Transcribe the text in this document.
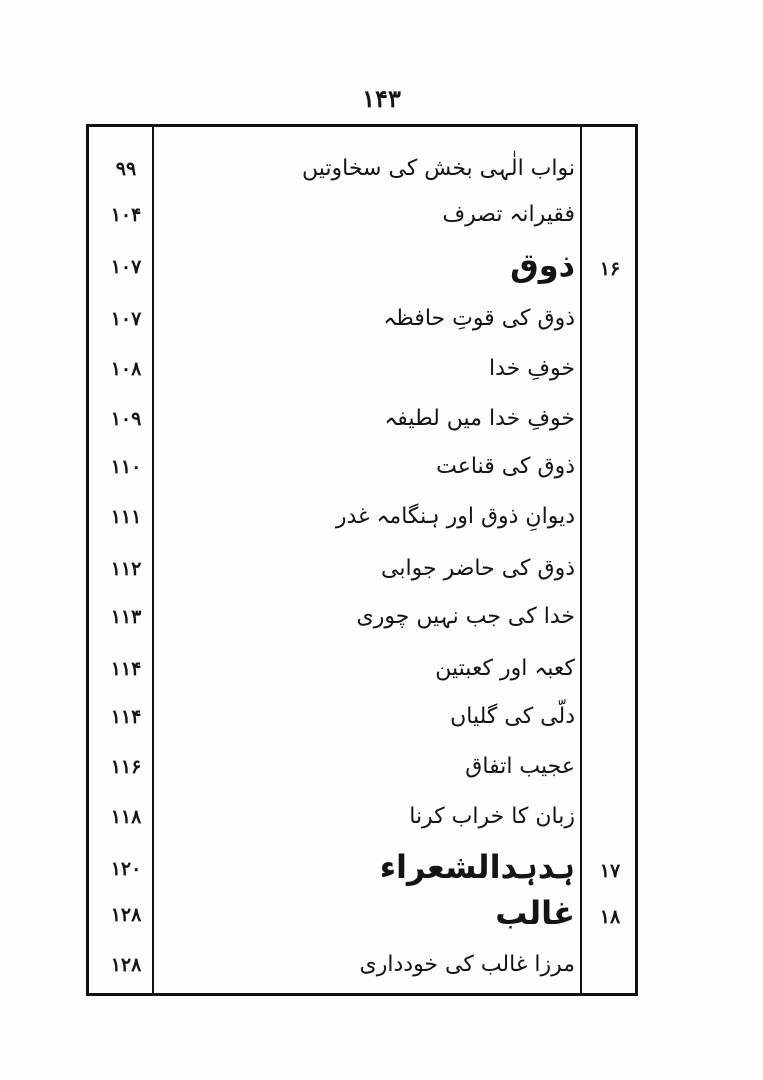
۱۴۳
۹۹	نواب الٰہی بخش کی سخاوتیں
۱۰۴	فقیرانہ تصرف
۱۰۷	ذوق	۱۶
۱۰۷	ذوق کی قوتِ حافظہ
۱۰۸	خوفِ خدا
۱۰۹	خوفِ خدا میں لطیفہ
۱۱۰	ذوق کی قناعت
۱۱۱	دیوانِ ذوق اور ہنگامہ غدر
۱۱۲	ذوق کی حاضر جوابی
۱۱۳	خدا کی جب نہیں چوری
۱۱۴	کعبہ اور کعبتین
۱۱۴	دلّی کی گلیاں
۱۱۶	عجیب اتفاق
۱۱۸	زبان کا خراب کرنا
۱۲۰	ہدہدالشعراء	۱۷
۱۲۸	غالب	۱۸
۱۲۸	مرزا غالب کی خودداری
